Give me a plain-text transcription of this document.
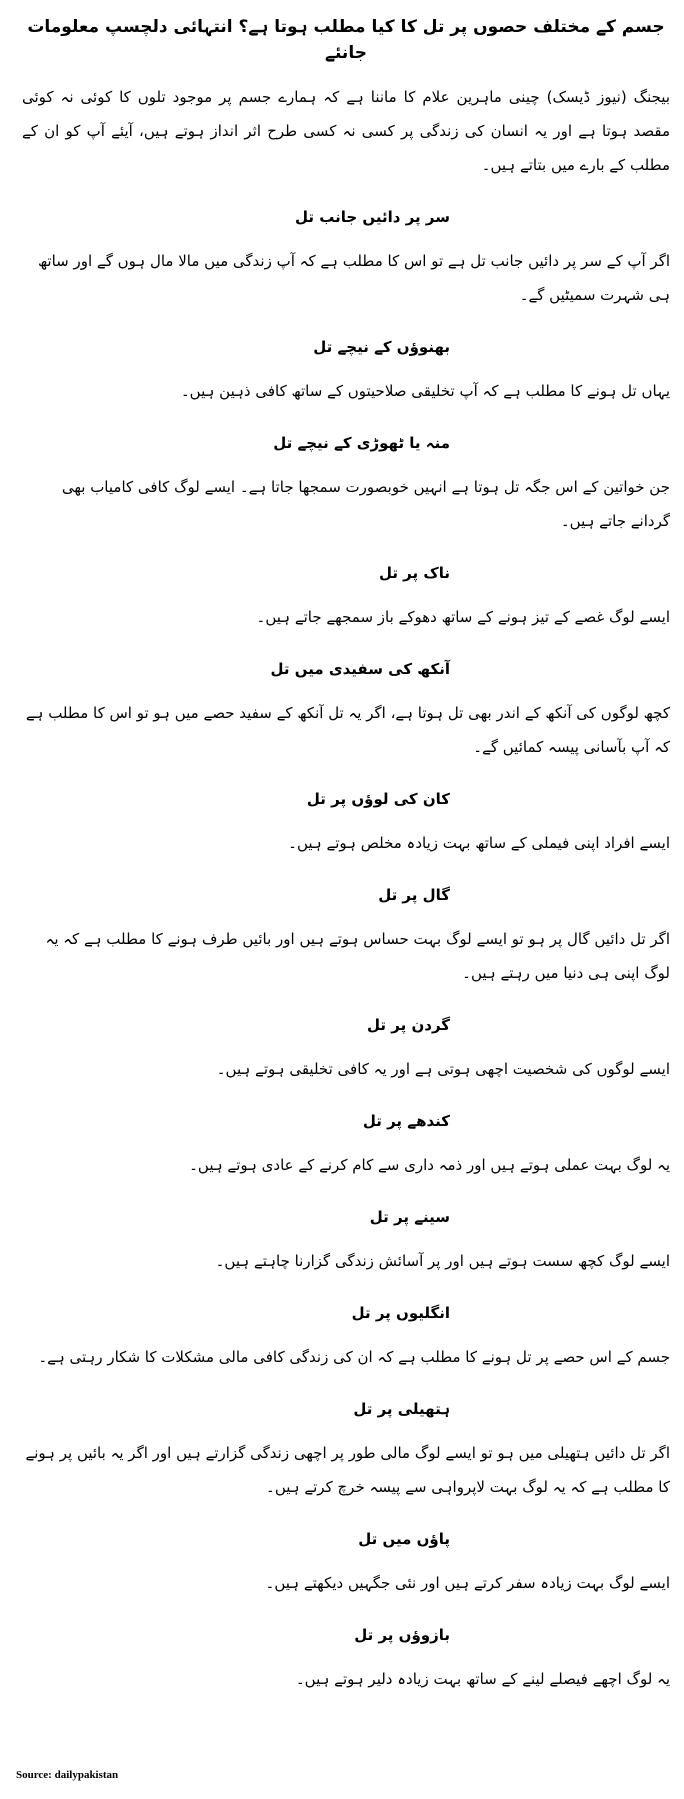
جسم کے مختلف حصوں پر تل کا کیا مطلب ہوتا ہے؟ انتہائی دلچسپ معلومات جانئے

بیجنگ (نیوز ڈیسک) چینی ماہرین علام کا ماننا ہے کہ ہمارے جسم پر موجود تلوں کا کوئی نہ کوئی مقصد ہوتا ہے اور یہ انسان کی زندگی پر کسی نہ کسی طرح اثر انداز ہوتے ہیں، آیئے آپ کو ان کے مطلب کے بارے میں بتاتے ہیں۔

سر پر دائیں جانب تل

اگر آپ کے سر پر دائیں جانب تل ہے تو اس کا مطلب ہے کہ آپ زندگی میں مالا مال ہوں گے اور ساتھ ہی شہرت سمیٹیں گے۔

بھنوؤں کے نیچے تل

یہاں تل ہونے کا مطلب ہے کہ آپ تخلیقی صلاحیتوں کے ساتھ کافی ذہین ہیں۔

منہ یا ٹھوڑی کے نیچے تل

جن خواتین کے اس جگہ تل ہوتا ہے انہیں خوبصورت سمجھا جاتا ہے۔ ایسے لوگ کافی کامیاب بھی گردانے جاتے ہیں۔

ناک پر تل

ایسے لوگ غصے کے تیز ہونے کے ساتھ دھوکے باز سمجھے جاتے ہیں۔

آنکھ کی سفیدی میں تل

کچھ لوگوں کی آنکھ کے اندر بھی تل ہوتا ہے، اگر یہ تل آنکھ کے سفید حصے میں ہو تو اس کا مطلب ہے کہ آپ بآسانی پیسہ کمائیں گے۔

کان کی لوؤں پر تل

ایسے افراد اپنی فیملی کے ساتھ بہت زیادہ مخلص ہوتے ہیں۔

گال پر تل

اگر تل دائیں گال پر ہو تو ایسے لوگ بہت حساس ہوتے ہیں اور بائیں طرف ہونے کا مطلب ہے کہ یہ لوگ اپنی ہی دنیا میں رہتے ہیں۔

گردن پر تل

ایسے لوگوں کی شخصیت اچھی ہوتی ہے اور یہ کافی تخلیقی ہوتے ہیں۔

کندھے پر تل

یہ لوگ بہت عملی ہوتے ہیں اور ذمہ داری سے کام کرنے کے عادی ہوتے ہیں۔

سینے پر تل

ایسے لوگ کچھ سست ہوتے ہیں اور پر آسائش زندگی گزارنا چاہتے ہیں۔

انگلیوں پر تل

جسم کے اس حصے پر تل ہونے کا مطلب ہے کہ ان کی زندگی کافی مالی مشکلات کا شکار رہتی ہے۔

ہتھیلی پر تل

اگر تل دائیں ہتھیلی میں ہو تو ایسے لوگ مالی طور پر اچھی زندگی گزارتے ہیں اور اگر یہ بائیں پر ہونے کا مطلب ہے کہ یہ لوگ بہت لاپرواہی سے پیسہ خرچ کرتے ہیں۔

پاؤں میں تل

ایسے لوگ بہت زیادہ سفر کرتے ہیں اور نئی جگہیں دیکھتے ہیں۔

بازوؤں پر تل

یہ لوگ اچھے فیصلے لینے کے ساتھ بہت زیادہ دلیر ہوتے ہیں۔

Source: dailypakistan
